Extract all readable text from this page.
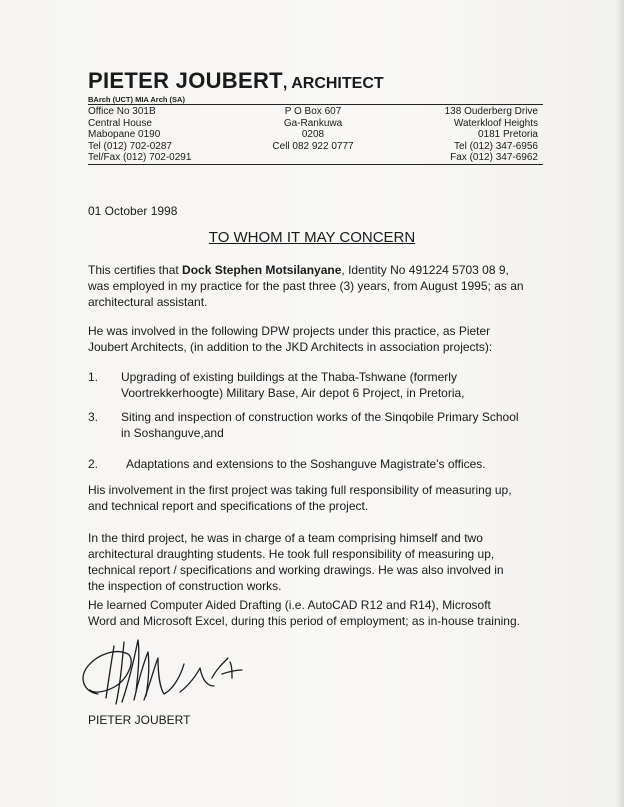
PIETER JOUBERT, ARCHITECT
BArch (UCT) MIA Arch (SA)
Office No 301B
Central House
Mabopane 0190
Tel (012) 702-0287
Tel/Fax (012) 702-0291
P O Box 607
Ga-Rankuwa
0208
Cell 082 922 0777
138 Ouderberg Drive
Waterkloof Heights
0181 Pretoria
Tel (012) 347-6956
Fax (012) 347-6962
01 October 1998
TO WHOM IT MAY CONCERN
This certifies that Dock Stephen Motsilanyane, Identity No 491224 5703 08 9,
was employed in my practice for the past three (3) years, from August 1995; as an
architectural assistant.
He was involved in the following DPW projects under this practice, as Pieter
Joubert Architects, (in addition to the JKD Architects in association projects):
1. Upgrading of existing buildings at the Thaba-Tshwane (formerly
Voortrekkerhoogte) Military Base, Air depot 6 Project, in Pretoria,
3. Siting and inspection of construction works of the Sinqobile Primary School
in Soshanguve,and
2. Adaptations and extensions to the Soshanguve Magistrate's offices.
His involvement in the first project was taking full responsibility of measuring up,
and technical report and specifications of the project.
In the third project, he was in charge of a team comprising himself and two
architectural draughting students. He took full responsibility of measuring up,
technical report / specifications and working drawings. He was also involved in
the inspection of construction works.
He learned Computer Aided Drafting (i.e. AutoCAD R12 and R14), Microsoft
Word and Microsoft Excel, during this period of employment; as in-house training.
PIETER JOUBERT
